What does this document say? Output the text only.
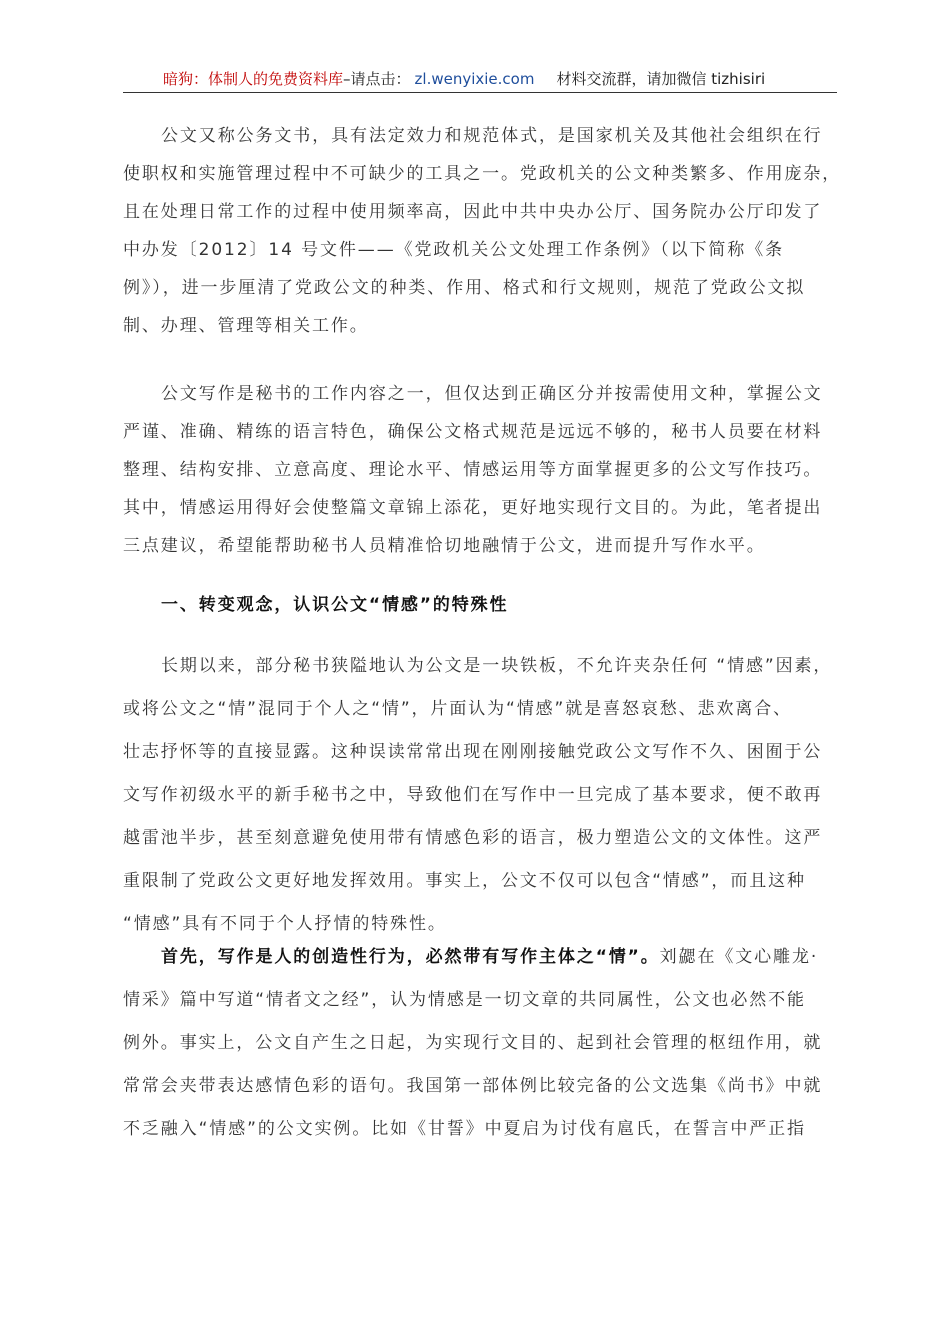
暗狗：体制人的免费资料库–请点击： zl.wenyixie.com 材料交流群，请加微信 tizhisiri
公文又称公务文书，具有法定效力和规范体式，是国家机关及其他社会组织在行
使职权和实施管理过程中不可缺少的工具之一。党政机关的公文种类繁多、作用庞杂，
且在处理日常工作的过程中使用频率高，因此中共中央办公厅、国务院办公厅印发了
中办发〔2012〕14 号文件——《党政机关公文处理工作条例》（以下简称《条
例》），进一步厘清了党政公文的种类、作用、格式和行文规则，规范了党政公文拟
制、办理、管理等相关工作。
公文写作是秘书的工作内容之一，但仅达到正确区分并按需使用文种，掌握公文
严谨、准确、精练的语言特色，确保公文格式规范是远远不够的，秘书人员要在材料
整理、结构安排、立意高度、理论水平、情感运用等方面掌握更多的公文写作技巧。
其中，情感运用得好会使整篇文章锦上添花，更好地实现行文目的。为此，笔者提出
三点建议，希望能帮助秘书人员精准恰切地融情于公文，进而提升写作水平。
一、转变观念，认识公文“情感”的特殊性
长期以来，部分秘书狭隘地认为公文是一块铁板，不允许夹杂任何 “情感”因素，
或将公文之“情”混同于个人之“情”，片面认为“情感”就是喜怒哀愁、悲欢离合、
壮志抒怀等的直接显露。这种误读常常出现在刚刚接触党政公文写作不久、困囿于公
文写作初级水平的新手秘书之中，导致他们在写作中一旦完成了基本要求，便不敢再
越雷池半步，甚至刻意避免使用带有情感色彩的语言，极力塑造公文的文体性。这严
重限制了党政公文更好地发挥效用。事实上，公文不仅可以包含“情感”，而且这种
“情感”具有不同于个人抒情的特殊性。
首先，写作是人的创造性行为，必然带有写作主体之“情”。刘勰在《文心雕龙·
情采》篇中写道“情者文之经”，认为情感是一切文章的共同属性，公文也必然不能
例外。事实上，公文自产生之日起，为实现行文目的、起到社会管理的枢纽作用，就
常常会夹带表达感情色彩的语句。我国第一部体例比较完备的公文选集《尚书》中就
不乏融入“情感”的公文实例。比如《甘誓》中夏启为讨伐有扈氏，在誓言中严正指
